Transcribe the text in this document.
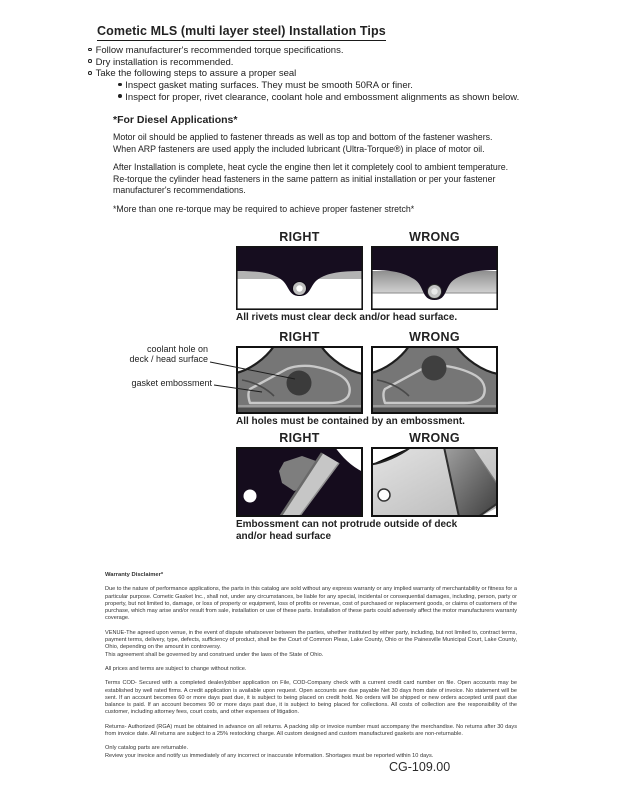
Cometic MLS (multi layer steel) Installation Tips
Follow manufacturer's recommended torque specifications.
Dry installation is recommended.
Take the following steps to assure a proper seal
Inspect gasket mating surfaces. They must be smooth 50RA or finer.
Inspect for proper, rivet clearance, coolant hole and embossment alignments as shown below.
*For Diesel Applications*
Motor oil should be applied to fastener threads as well as top and bottom of the fastener washers. When ARP fasteners are used apply the included lubricant (Ultra-Torque®) in place of motor oil.
After Installation is complete, heat cycle the engine then let it completely cool to ambient temperature. Re-torque the cylinder head fasteners in the same pattern as initial installation or per your fastener manufacturer's recommendations.
*More than one re-torque may be required to achieve proper fastener stretch*
RIGHT	WRONG
All rivets must clear deck and/or head surface.
RIGHT	WRONG
All holes must be contained by an embossment.
coolant hole on
deck / head surface
gasket embossment
RIGHT	WRONG
Embossment can not protrude outside of deck
and/or head surface
Warranty Disclaimer*

Due to the nature of performance applications, the parts in this catalog are sold without any express warranty or any implied warranty of merchantability or fitness for a particular purpose. Cometic Gasket Inc., shall not, under any circumstances, be liable for any special, incidental or consequential damages, including, person, party or property, but not limited to, damage, or loss of property or equipment, loss of profits or revenue, cost of purchased or replacement goods, or claims of customers of the purchase, which may arise and/or result from sale, installation or use of these parts. Installation of these parts could adversely affect the motor manufacturers warranty coverage.

VENUE-The agreed upon venue, in the event of dispute whatsoever between the parties, whether instituted by either party, including, but not limited to, contract terms, payment terms, delivery, type, defects, sufficiency of product, shall be the Court of Common Pleas, Lake County, Ohio or the Painesville Municipal Court, Lake County, Ohio, depending on the amount in controversy.

This agreement shall be governed by and construed under the laws of the State of Ohio.

All prices and terms are subject to change without notice.

Terms COD- Secured with a completed dealer/jobber application on File, COD-Company check with a current credit card number on file. Open accounts may be established by well rated firms. A credit application is available upon request. Open accounts are due payable Net 30 days from date of invoice. No statement will be sent. If an account becomes 60 or more days past due, it is subject to being placed on credit hold. No orders will be shipped or new orders accepted until past due balance is paid. If an account becomes 90 or more days past due, it is subject to being placed for collections. All costs of collection are the responsibility of the customer, including attorney fees, court costs, and other expenses of litigation.

Returns- Authorized (RGA) must be obtained in advance on all returns. A packing slip or invoice number must accompany the merchandise. No returns after 30 days from invoice date. All returns are subject to a 25% restocking charge. All custom designed and custom manufactured gaskets are non-returnable.

Only catalog parts are returnable.

Review your invoice and notify us immediately of any incorrect or inaccurate information. Shortages must be reported within 10 days.

CG-109.00
